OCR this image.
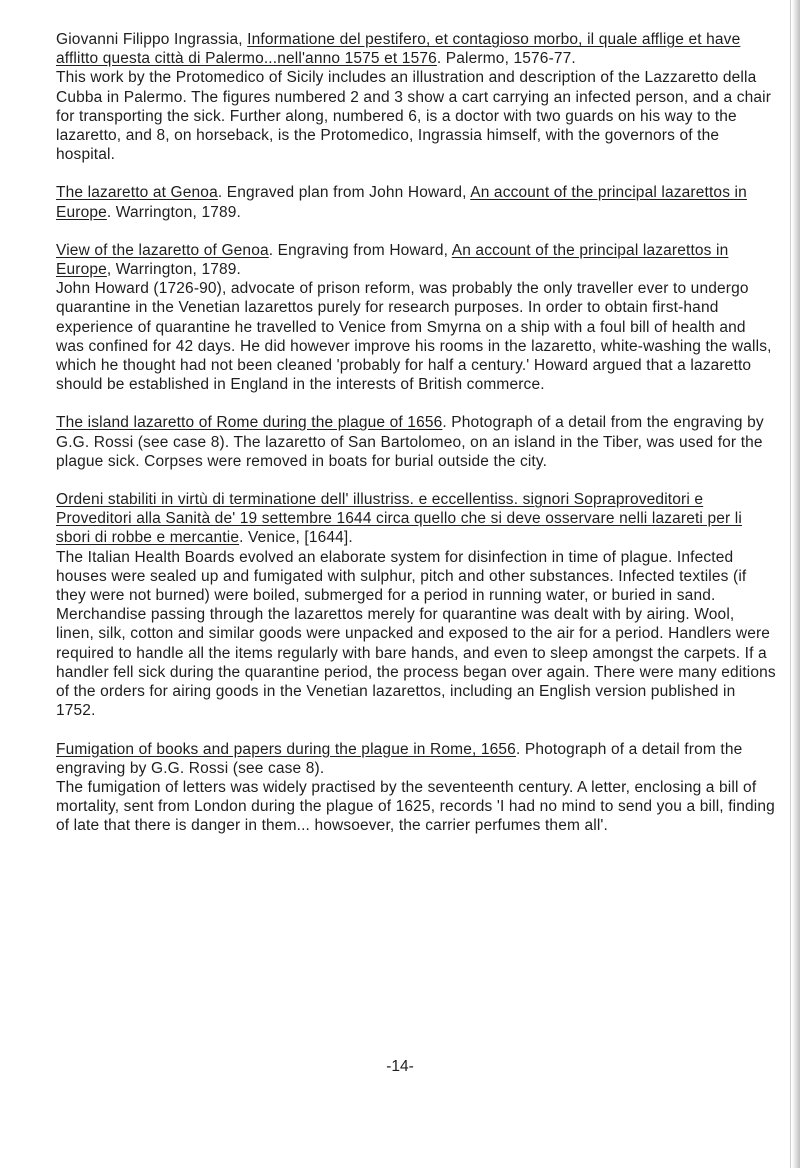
Giovanni Filippo Ingrassia, Informatione del pestifero, et contagioso morbo, il quale afflige et have afflitto questa città di Palermo...nell'anno 1575 et 1576. Palermo, 1576-77.
This work by the Protomedico of Sicily includes an illustration and description of the Lazzaretto della Cubba in Palermo. The figures numbered 2 and 3 show a cart carrying an infected person, and a chair for transporting the sick. Further along, numbered 6, is a doctor with two guards on his way to the lazaretto, and 8, on horseback, is the Protomedico, Ingrassia himself, with the governors of the hospital.
The lazaretto at Genoa. Engraved plan from John Howard, An account of the principal lazarettos in Europe. Warrington, 1789.
View of the lazaretto of Genoa. Engraving from Howard, An account of the principal lazarettos in Europe, Warrington, 1789.
John Howard (1726-90), advocate of prison reform, was probably the only traveller ever to undergo quarantine in the Venetian lazarettos purely for research purposes. In order to obtain first-hand experience of quarantine he travelled to Venice from Smyrna on a ship with a foul bill of health and was confined for 42 days. He did however improve his rooms in the lazaretto, white-washing the walls, which he thought had not been cleaned 'probably for half a century.' Howard argued that a lazaretto should be established in England in the interests of British commerce.
The island lazaretto of Rome during the plague of 1656. Photograph of a detail from the engraving by G.G. Rossi (see case 8). The lazaretto of San Bartolomeo, on an island in the Tiber, was used for the plague sick. Corpses were removed in boats for burial outside the city.
Ordeni stabiliti in virtù di terminatione dell' illustriss. e eccellentiss. signori Sopraproveditori e Proveditori alla Sanità de' 19 settembre 1644 circa quello che si deve osservare nelli lazareti per li sbori di robbe e mercantie. Venice, [1644].
The Italian Health Boards evolved an elaborate system for disinfection in time of plague. Infected houses were sealed up and fumigated with sulphur, pitch and other substances. Infected textiles (if they were not burned) were boiled, submerged for a period in running water, or buried in sand. Merchandise passing through the lazarettos merely for quarantine was dealt with by airing. Wool, linen, silk, cotton and similar goods were unpacked and exposed to the air for a period. Handlers were required to handle all the items regularly with bare hands, and even to sleep amongst the carpets. If a handler fell sick during the quarantine period, the process began over again. There were many editions of the orders for airing goods in the Venetian lazarettos, including an English version published in 1752.
Fumigation of books and papers during the plague in Rome, 1656. Photograph of a detail from the engraving by G.G. Rossi (see case 8).
The fumigation of letters was widely practised by the seventeenth century. A letter, enclosing a bill of mortality, sent from London during the plague of 1625, records 'I had no mind to send you a bill, finding of late that there is danger in them... howsoever, the carrier perfumes them all'.
-14-
